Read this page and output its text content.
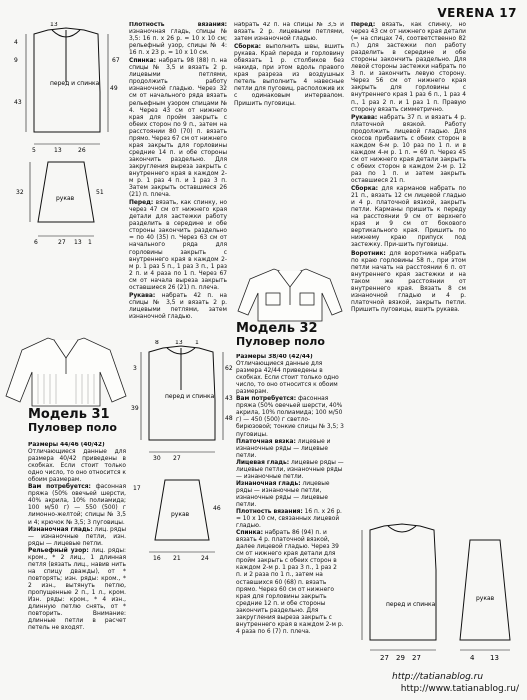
VERENA 17
перед и спинка
рукав
4
13
9
43
49
5	13	26
67
32	51
27
6	13 1
Модель 31
Пуловер поло

Размеры 44/46 (40/42)

Отличающиеся данные для размера 40/42 приведены в скобках. Если стоит только одно число, то оно относится к обоим размерам.

Вам потребуется: фасонная пряжа (50% овечьей шерсти, 40% акрила, 10% полиамида; 100 м/50 г) — 550 (500) г лимонно-желтой; спицы № 3,5 и 4; крючок № 3,5; 3 пуговицы.

Изнаночная гладь: лиц. ряды — изнаночные петли, изн. ряды — лицевые петли.

Рельефный узор: лиц. ряды: кром., * 2 лиц., 1 длинная петля (вязать лиц., навив нить на спицу дважды), от * повторять; изн. ряды: кром., * 2 изн., вытянуть петлю, пропущенные 2 п., 1 л., кром. Изн. ряды: кром., * 4 изн., длинную петлю снять, от * повторить. Внимание: длинные петли в расчет петель не входят.

Плотность вязания: изнаночная гладь, спицы № 3,5: 16 п. x 26 р. = 10 x 10 см; рельефный узор, спицы № 4: 16 п. x 23 р. = 10 x 10 см.

Спинка: набрать 98 (88) п. на спицы № 3,5 и вязать 2 р. лицевыми петлями, продолжить работу изнаночной гладью. Через 32 см от начального ряда вязать рельефным узором спицами № 4. Через 43 см от нижнего края для пройм закрыть с обеих сторон по 9 п., затем на расстоянии 80 (70) п. вязать прямо. Через 67 см от нижнего края закрыть для горловины средние 14 п. и обе стороны закончить раздельно. Для закругления выреза закрыть с внутреннего края в каждом 2-м р. 1 раз 4 п. и 1 раз 3 п. Затем закрыть оставшиеся 26 (21) п. плеча.

Перед: вязать, как спинку, но через 47 см от нижнего края детали для застежки работу разделить в середине и обе стороны закончить раздельно = по 40 (35) п. Через 63 см от начального ряда для горловины закрыть с внутреннего края в каждом 2-м р. 1 раз 5 п., 1 раз 3 п., 1 раз 2 п. и 4 раза по 1 п. Через 67 см от начала выреза закрыть оставшиеся 26 (21) п. плеча.

Рукава: набрать 42 п. на спицы № 3,5 и вязать 2 р. лицевыми петлями, затем изнаночной гладью.

перед и спинка
рукав
39
30 27
8	13 1
21
43
48
17
46
62
24
3
16
Модель 32
Пуловер поло

набрать 42 п. на спицы № 3,5 и вязать 2 р. лицевыми петлями, затем изнаночной гладью.

Сборка: выполнить швы, вшить рукава. Край переда и горловину обвязать 1 р. столбиков без накида, при этом вдоль правого края разреза из воздушных петель выполнить 4 навесные петли для пуговиц, расположив их с одинаковым интервалом. Пришить пуговицы.

Размеры 38/40 (42/44)

Отличающиеся данные для размера 42/44 приведены в скобках. Если стоит только одно число, то оно относится к обоим размерам.

Вам потребуется: фасонная пряжа (50% овечьей шерсти, 40% акрила, 10% полиамида; 100 м/50 г) — 450 (500) г светло-бирюзовой; тонкие спицы № 3,5; 3 пуговицы.

Платочная вязка: лицевые и изнаночные ряды — лицевые петли.

Лицевая гладь: лицевые ряды — лицевые петли, изнаночные ряды — изнаночные петли.

Изнаночная гладь: лицевые ряды — изнаночные петли, изнаночные ряды — лицевые петли.

Плотность вязания: 16 п. x 26 р. = 10 x 10 см, связанных лицевой гладью.

Спинка: набрать 86 (94) п. и вязать 4 р. платочной вязкой, далее лицевой гладью. Через 39 см от нижнего края детали для пройм закрыть с обеих сторон в каждом 2-м р. 1 раз 3 п., 1 раз 2 п. и 2 раза по 1 п., затем на оставшихся 60 (68) п. вязать прямо. Через 60 см от нижнего края для горловины закрыть средние 12 п. и обе стороны закончить раздельно. Для закругления выреза закрыть с внутреннего края в каждом 2-м р. 4 раза по 6 (7) п. плеча.

Перед: вязать, как спинку, но через 43 см от нижнего края детали (= на спицах 74, соответственно 82 п.) для застежки пол работу разделить в середине и обе стороны закончить раздельно. Для левой стороны застежки набрать по 3 п. и закончить левую сторону. Через 56 см от нижнего края закрыть для горловины с внутреннего края 1 раз 6 п., 1 раз 4 п., 1 раз 2 п. и 1 раз 1 п. Правую сторону вязать симметрично.

Рукава: набрать 37 п. и вязать 4 р. платочной вязкой. Работу продолжить лицевой гладью. Для скосов прибавить с обеих сторон в каждом 6-м р. 10 раз по 1 п. и в каждом 4-м р. 1 п. = 69 п. Через 45 см от нижнего края детали закрыть с обеих сторон в каждом 2-м р. 12 раз по 1 п. и затем закрыть оставшиеся 21 п.

Сборка: для карманов набрать по 21 п., вязать 12 см лицевой гладью и 4 р. платочной вязкой, закрыть петли. Карманы пришить к переду на расстоянии 9 см от верхнего края и 9 см от бокового вертикального края. Пришить по нижнему краю припуск под застежку. При-шить пуговицы.

Воротник: для воротника набрать по краю горловины 58 п., при этом петли начать на расстоянии 6 п. от внутреннего края застежки и на таком же расстоянии от внутреннего края. Вязать 8 см изнаночной гладью и 4 р. платочной вязкой, закрыть петли. Пришить пуговицы, вшить рукава.

перед и спинка
рукав
27 29 27	4 13
http://tatianablog.ru
http://www.tatianablog.ru/
